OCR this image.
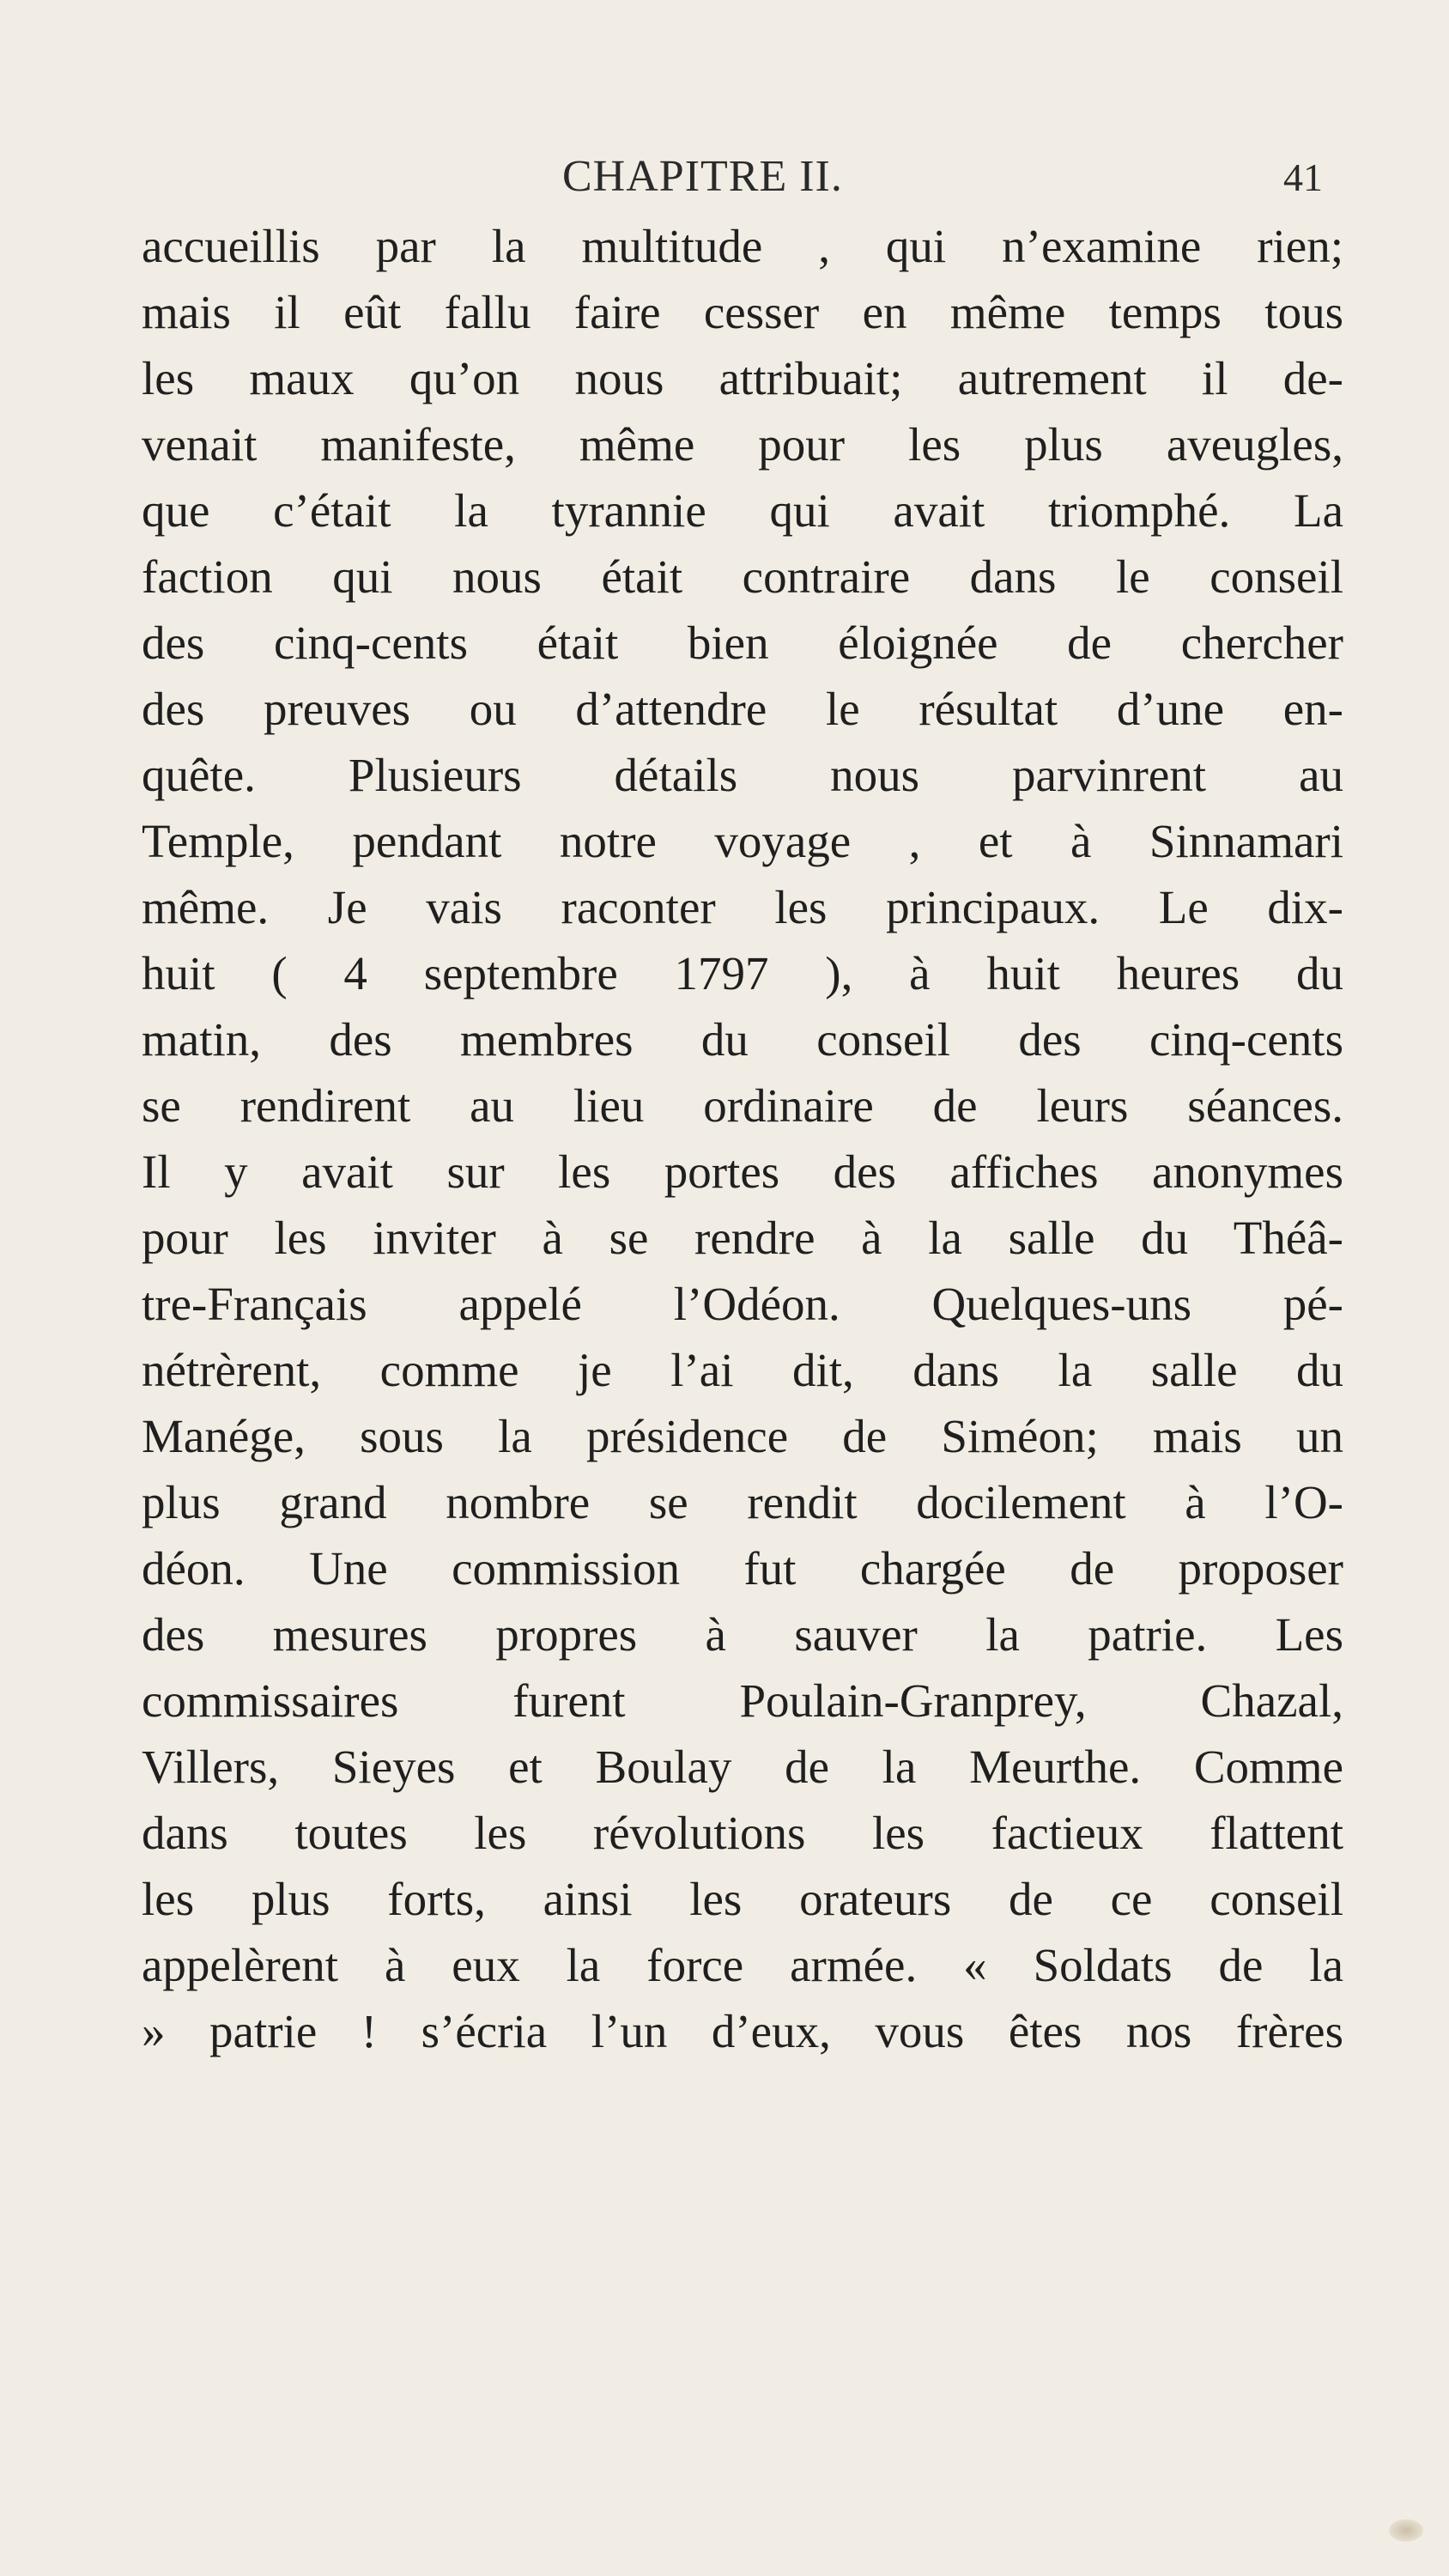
CHAPITRE II.	41
accueillis par la multitude , qui n’examine rien;
mais il eût fallu faire cesser en même temps tous
les maux qu’on nous attribuait; autrement il de-
venait manifeste, même pour les plus aveugles,
que c’était la tyrannie qui avait triomphé. La
faction qui nous était contraire dans le conseil
des cinq-cents était bien éloignée de chercher
des preuves ou d’attendre le résultat d’une en-
quête. Plusieurs détails nous parvinrent au
Temple, pendant notre voyage , et à Sinnamari
même. Je vais raconter les principaux. Le dix-
huit ( 4 septembre 1797 ), à huit heures du
matin, des membres du conseil des cinq-cents
se rendirent au lieu ordinaire de leurs séances.
Il y avait sur les portes des affiches anonymes
pour les inviter à se rendre à la salle du Théâ-
tre-Français appelé l’Odéon. Quelques-uns pé-
nétrèrent, comme je l’ai dit, dans la salle du
Manége, sous la présidence de Siméon; mais un
plus grand nombre se rendit docilement à l’O-
déon. Une commission fut chargée de proposer
des mesures propres à sauver la patrie. Les
commissaires furent Poulain-Granprey, Chazal,
Villers, Sieyes et Boulay de la Meurthe. Comme
dans toutes les révolutions les factieux flattent
les plus forts, ainsi les orateurs de ce conseil
appelèrent à eux la force armée. « Soldats de la
» patrie ! s’écria l’un d’eux, vous êtes nos frères
